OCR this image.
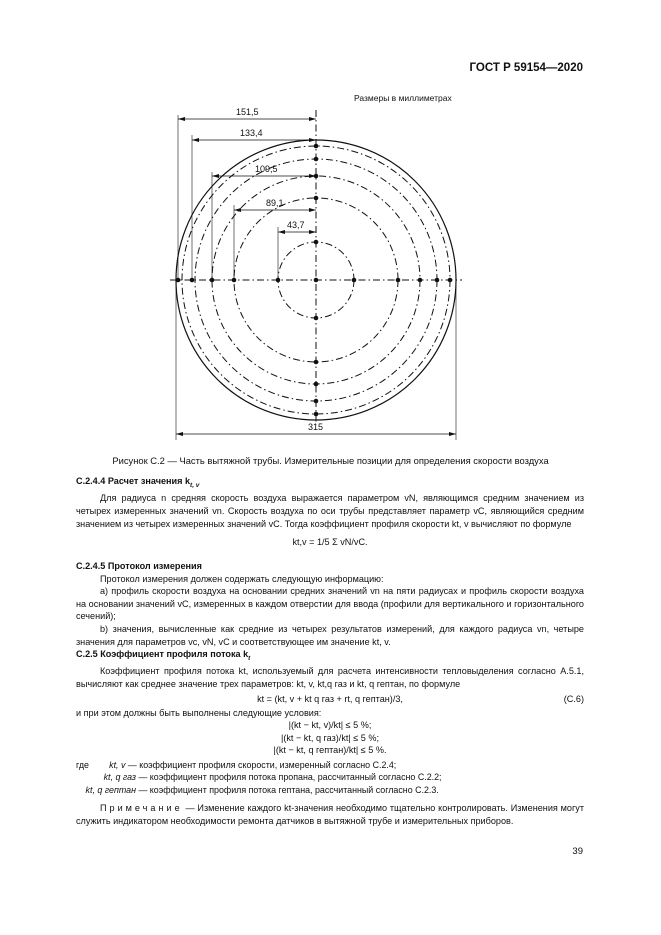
ГОСТ Р 59154—2020
Размеры в миллиметрах
151,5
133,4
109,5
89,1
43,7
315
Рисунок С.2 — Часть вытяжной трубы. Измерительные позиции для определения скорости воздуха

С.2.4.4 Расчет значения $k_{t, v}$

Для радиуса n средняя скорость воздуха выражается параметром vN, являющимся средним значением из четырех измеренных значений vn. Скорость воздуха по оси трубы представляет параметр vC, являющийся средним значением из четырех измеренных значений vC. Тогда коэффициент профиля скорости kt, v вычисляют по формуле

kt,v = 1/5 Σ vN/vC.

С.2.4.5 Протокол измерения

Протокол измерения должен содержать следующую информацию:

а) профиль скорости воздуха на основании средних значений vn на пяти радиусах и профиль скорости воздуха на основании значений vC, измеренных в каждом отверстии для ввода (профили для вертикального и горизонтального сечений);

b) значения, вычисленные как средние из четырех результатов измерений, для каждого радиуса vn, четыре значения для параметров vc, vN, vC и соответствующее им значение kt, v.

С.2.5 Коэффициент профиля потока $k_t$

Коэффициент профиля потока kt, используемый для расчета интенсивности тепловыделения согласно А.5.1, вычисляют как среднее значение трех параметров: kt, v, kt,q газ и kt, q гептан, по формуле

kt = (kt, v + kt q газ + rt, q гептан)/3,	(С.6)

и при этом должны быть выполнены следующие условия:

|(kt − kt, v)/kt| ≤ 5 %;
|(kt − kt, q газ)/kt| ≤ 5 %;
|(kt − kt, q гептан)/kt| ≤ 5 %.
где kt, v — коэффициент профиля скорости, измеренный согласно С.2.4;
kt, q газ — коэффициент профиля потока пропана, рассчитанный согласно С.2.2;
kt, q гептан — коэффициент профиля потока гептана, рассчитанный согласно С.2.3.

Примечание — Изменение каждого kt-значения необходимо тщательно контролировать. Изменения могут служить индикатором необходимости ремонта датчиков в вытяжной трубе и измерительных приборов.

39
